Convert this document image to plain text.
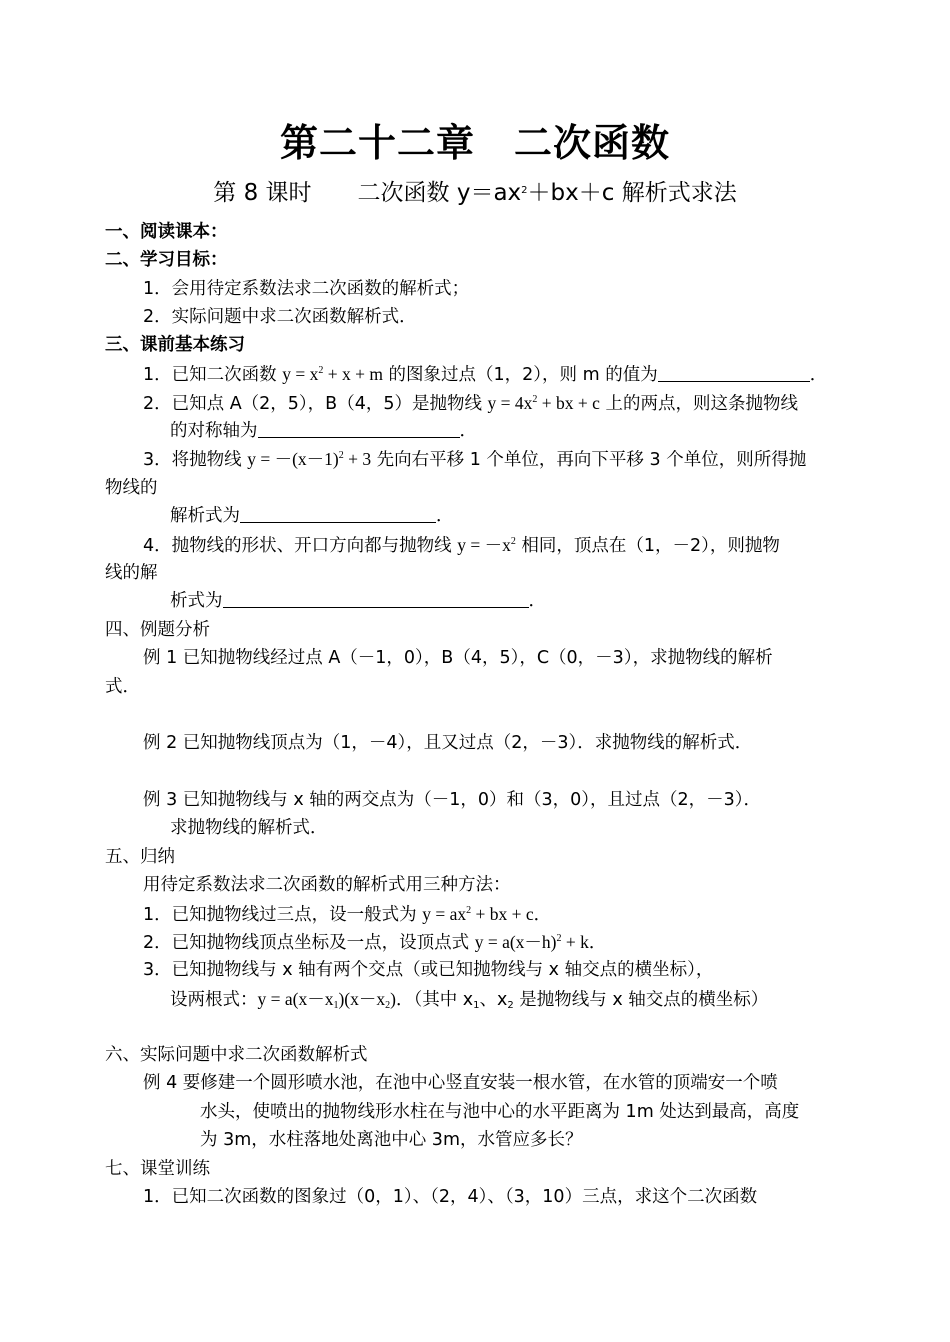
第二十二章　二次函数
第 8 课时　　二次函数 $y=ax^2+bx+c$ 解析式求法
一、阅读课本：
二、学习目标：
1．会用待定系数法求二次函数的解析式；
2．实际问题中求二次函数解析式．
三、课前基本练习
1．已知二次函数 $y = x^2 + x + m$ 的图象过点（1，2），则 m 的值为	．
2．已知点 A（2，5），B（4，5）是抛物线 $y = 4x^2$ + bx + c 上的两点，则这条抛物线
的对称轴为	．
3．将抛物线 $y = -(x-1)^2 + 3$ 先向右平移 1 个单位，再向下平移 3 个单位，则所得抛
物线的
解析式为	．
4．抛物线的形状、开口方向都与抛物线 $y = -x^2$ 相同，顶点在（1，－2），则抛物
线的解
析式为	．
四、例题分析
例 1 已知抛物线经过点 A（－1，0），B（4，5），C（0，－3），求抛物线的解析
式．
例 2 已知抛物线顶点为（1，－4），且又过点（2，－3）．求抛物线的解析式．
例 3 已知抛物线与 x 轴的两交点为（－1，0）和（3，0），且过点（2，－3）．
求抛物线的解析式．
五、归纳
用待定系数法求二次函数的解析式用三种方法：
1．已知抛物线过三点，设一般式为 $y = ax^2$ + bx + c．
2．已知抛物线顶点坐标及一点，设顶点式 $y = a(x-h)^2 + k$．
3．已知抛物线与 x 轴有两个交点（或已知抛物线与 x 轴交点的横坐标），
设两根式：$y = a(x-x_1)(x-x_2)$．（其中 $x_1$、$x_2$ 是抛物线与 x 轴交点的横坐标）
六、实际问题中求二次函数解析式
例 4 要修建一个圆形喷水池，在池中心竖直安装一根水管，在水管的顶端安一个喷
水头，使喷出的抛物线形水柱在与池中心的水平距离为 1m 处达到最高，高度
为 3m，水柱落地处离池中心 3m，水管应多长？
七、课堂训练
1．已知二次函数的图象过（0，1）、（2，4）、（3，10）三点，求这个二次函数
